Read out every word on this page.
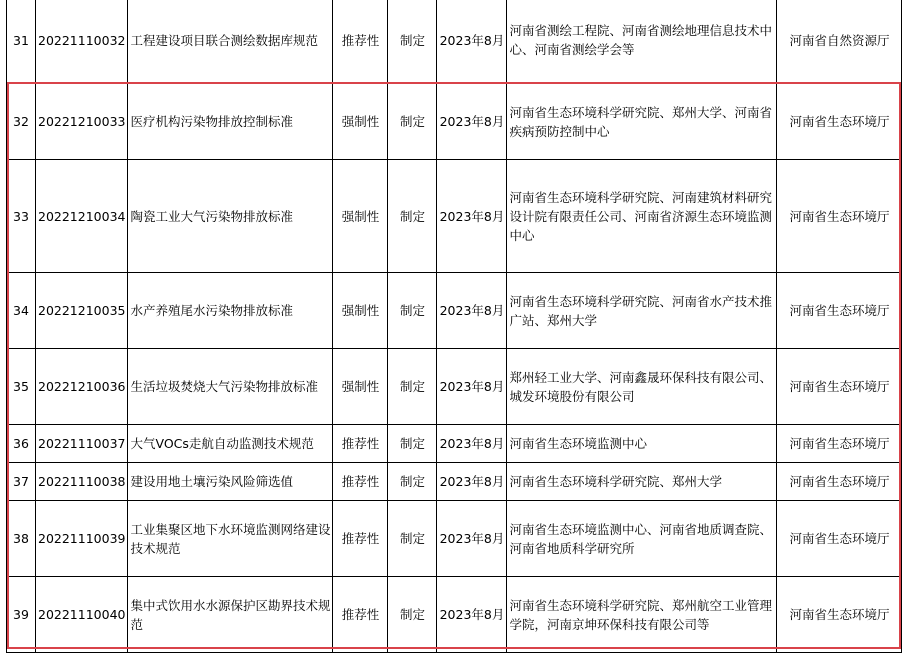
31	20221110032	工程建设项目联合测绘数据库规范	推荐性	制定	2023年8月	河南省测绘工程院、河南省测绘地理信息技术中心、河南省测绘学会等	河南省自然资源厅
32	20221210033	医疗机构污染物排放控制标准	强制性	制定	2023年8月	河南省生态环境科学研究院、郑州大学、河南省疾病预防控制中心	河南省生态环境厅
33	20221210034	陶瓷工业大气污染物排放标准	强制性	制定	2023年8月	河南省生态环境科学研究院、河南建筑材料研究设计院有限责任公司、河南省济源生态环境监测中心	河南省生态环境厅
34	20221210035	水产养殖尾水污染物排放标准	强制性	制定	2023年8月	河南省生态环境科学研究院、河南省水产技术推广站、郑州大学	河南省生态环境厅
35	20221210036	生活垃圾焚烧大气污染物排放标准	强制性	制定	2023年8月	郑州轻工业大学、河南鑫晟环保科技有限公司、城发环境股份有限公司	河南省生态环境厅
36	20221110037	大气VOCs走航自动监测技术规范	推荐性	制定	2023年8月	河南省生态环境监测中心	河南省生态环境厅
37	20221110038	建设用地土壤污染风险筛选值	推荐性	制定	2023年8月	河南省生态环境科学研究院、郑州大学	河南省生态环境厅
38	20221110039	工业集聚区地下水环境监测网络建设技术规范	推荐性	制定	2023年8月	河南省生态环境监测中心、河南省地质调查院、河南省地质科学研究所	河南省生态环境厅
39	20221110040	集中式饮用水水源保护区勘界技术规范	推荐性	制定	2023年8月	河南省生态环境科学研究院、郑州航空工业管理学院，河南京坤环保科技有限公司等	河南省生态环境厅
